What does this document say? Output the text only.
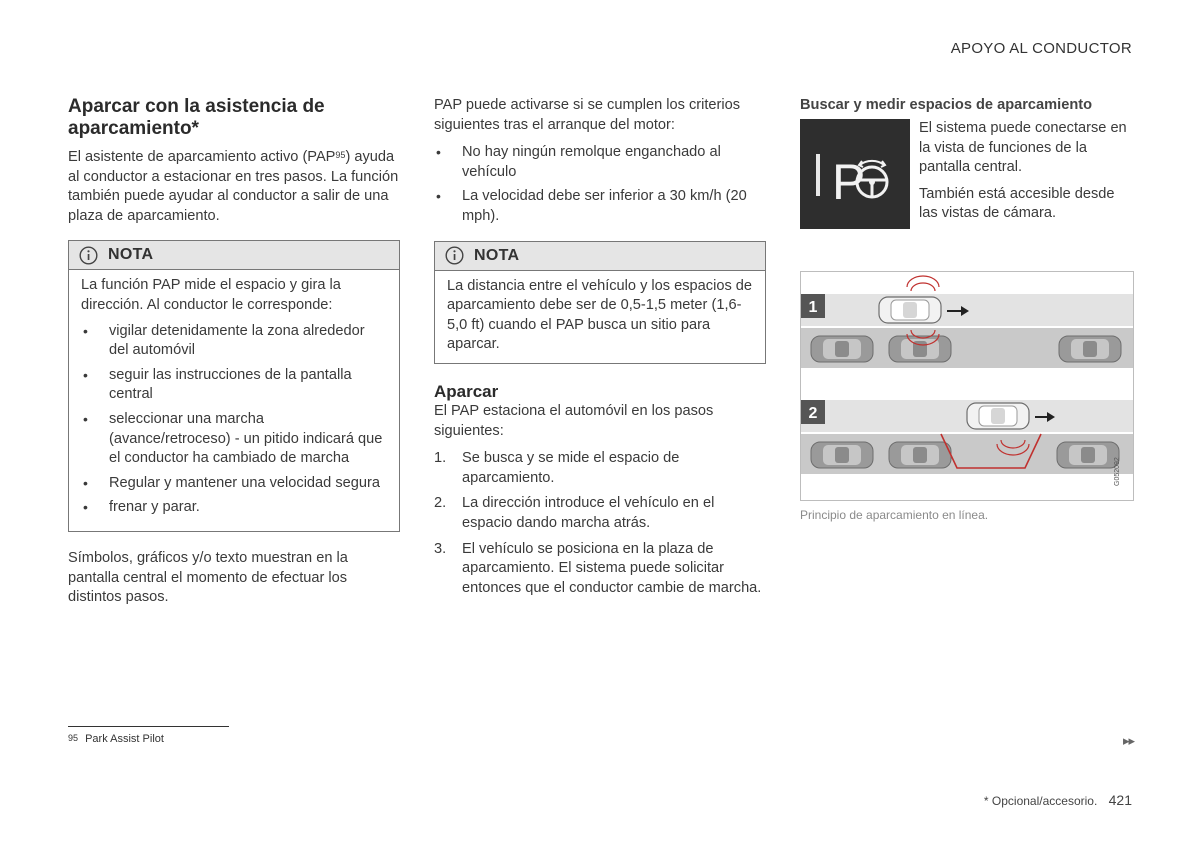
APOYO AL CONDUCTOR
Aparcar con la asistencia de aparcamiento*

El asistente de aparcamiento activo (PAP$^{95}$) ayuda al conductor a estacionar en tres pasos. La función también puede ayudar al conductor a salir de una plaza de aparcamiento.

NOTA

La función PAP mide el espacio y gira la dirección. Al conductor le corresponde:

• vigilar detenidamente la zona alrededor del automóvil
• seguir las instrucciones de la pantalla central
• seleccionar una marcha (avance/retroceso) - un pitido indicará que el conductor ha cambiado de marcha
• Regular y mantener una velocidad segura
• frenar y parar.

Símbolos, gráficos y/o texto muestran en la pantalla central el momento de efectuar los distintos pasos.

PAP puede activarse si se cumplen los criterios siguientes tras el arranque del motor:

• No hay ningún remolque enganchado al vehículo
• La velocidad debe ser inferior a 30 km/h (20 mph).
NOTA

La distancia entre el vehículo y los espacios de aparcamiento debe ser de 0,5-1,5 meter (1,6-5,0 ft) cuando el PAP busca un sitio para aparcar.

Aparcar

El PAP estaciona el automóvil en los pasos siguientes:

1. Se busca y se mide el espacio de aparcamiento.
2. La dirección introduce el vehículo en el espacio dando marcha atrás.
3. El vehículo se posiciona en la plaza de aparcamiento. El sistema puede solicitar entonces que el conductor cambie de marcha.
Buscar y medir espacios de aparcamiento
P

El sistema puede conectarse en la vista de funciones de la pantalla central.

También está accesible desde las vistas de cámara.

1
2
G052092
Principio de aparcamiento en línea.
$^{95}$ Park Assist Pilot	▸▸
* Opcional/accesorio. 421
